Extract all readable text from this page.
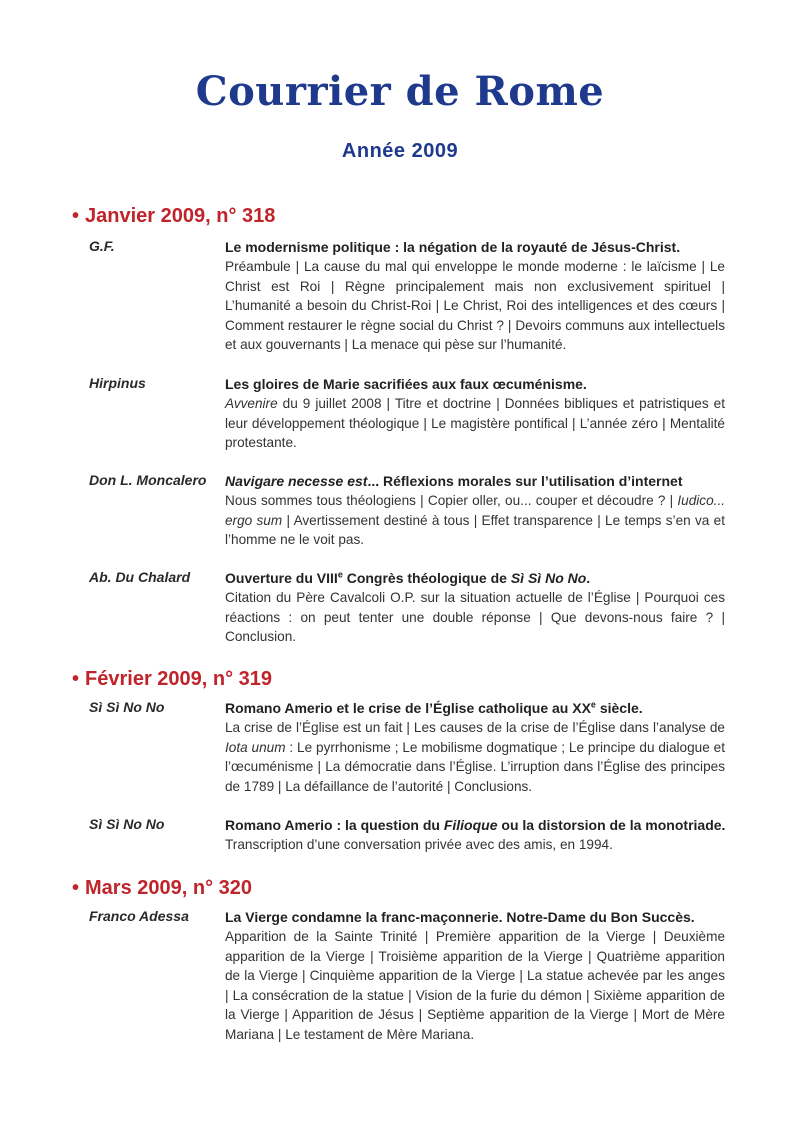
Courrier de Rome
Année 2009
• Janvier 2009, n° 318
G.F.	Le modernisme politique : la négation de la royauté de Jésus-Christ.
Préambule | La cause du mal qui enveloppe le monde moderne : le laïcisme | Le Christ est Roi | Règne principalement mais non exclusivement spirituel | L’humanité a besoin du Christ-Roi | Le Christ, Roi des intelligences et des cœurs | Comment restaurer le règne social du Christ ? | Devoirs communs aux intellectuels et aux gouvernants | La menace qui pèse sur l’humanité.
Hirpinus	Les gloires de Marie sacrifiées aux faux œcuménisme.
Avvenire du 9 juillet 2008 | Titre et doctrine | Données bibliques et patristiques et leur développement théologique | Le magistère pontifical | L’année zéro | Mentalité protestante.
Don L. Moncalero	Navigare necesse est... Réflexions morales sur l’utilisation d’internet
Nous sommes tous théologiens | Copier oller, ou... couper et découdre ? | Iudico... ergo sum | Avertissement destiné à tous | Effet transparence | Le temps s’en va et l’homme ne le voit pas.
Ab. Du Chalard	Ouverture du VIIIe Congrès théologique de Sì Sì No No.
Citation du Père Cavalcoli O.P. sur la situation actuelle de l’Église | Pourquoi ces réactions : on peut tenter une double réponse | Que devons-nous faire ? | Conclusion.
• Février 2009, n° 319
Sì Sì No No	Romano Amerio et le crise de l’Église catholique au XXe siècle.
La crise de l’Église est un fait | Les causes de la crise de l’Église dans l’analyse de Iota unum : Le pyrrhonisme ; Le mobilisme dogmatique ; Le principe du dialogue et l’œcuménisme | La démocratie dans l’Église. L’irruption dans l’Église des principes de 1789 | La défaillance de l’autorité | Conclusions.
Sì Sì No No	Romano Amerio : la question du Filioque ou la distorsion de la monotriade.
Transcription d’une conversation privée avec des amis, en 1994.
• Mars 2009, n° 320
Franco Adessa	La Vierge condamne la franc-maçonnerie. Notre-Dame du Bon Succès.
Apparition de la Sainte Trinité | Première apparition de la Vierge | Deuxième apparition de la Vierge | Troisième apparition de la Vierge | Quatrième apparition de la Vierge | Cinquième apparition de la Vierge | La statue achevée par les anges | La consécration de la statue | Vision de la furie du démon | Sixième apparition de la Vierge | Apparition de Jésus | Septième apparition de la Vierge | Mort de Mère Mariana | Le testament de Mère Mariana.
